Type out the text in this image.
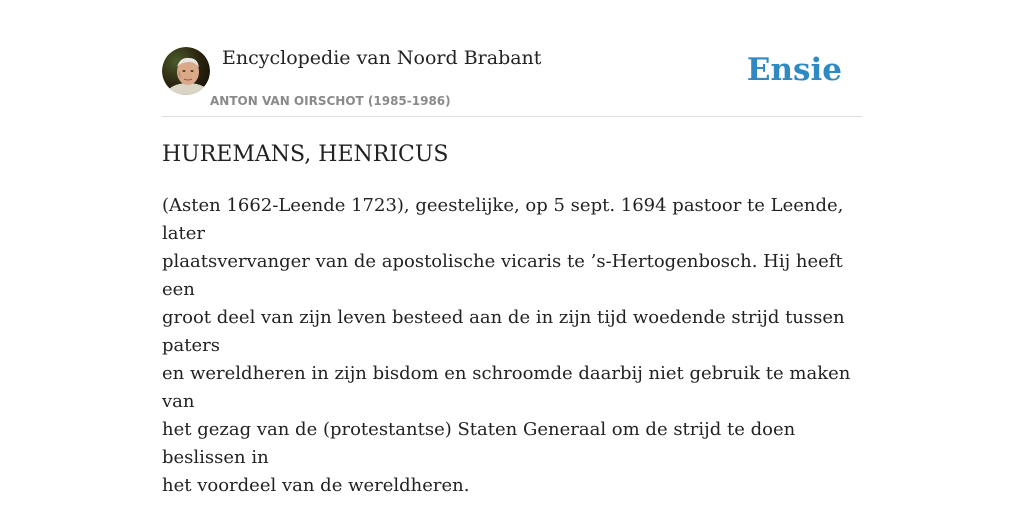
Encyclopedie van Noord Brabant
ANTON VAN OIRSCHOT (1985-1986)
Ensie
HUREMANS, HENRICUS

(Asten 1662-Leende 1723), geestelijke, op 5 sept. 1694 pastoor te Leende, later
plaatsvervanger van de apostolische vicaris te ’s-Hertogenbosch. Hij heeft een
groot deel van zijn leven besteed aan de in zijn tijd woedende strijd tussen paters
en wereldheren in zijn bisdom en schroomde daarbij niet gebruik te maken van
het gezag van de (protestantse) Staten Generaal om de strijd te doen beslissen in
het voordeel van de wereldheren.
